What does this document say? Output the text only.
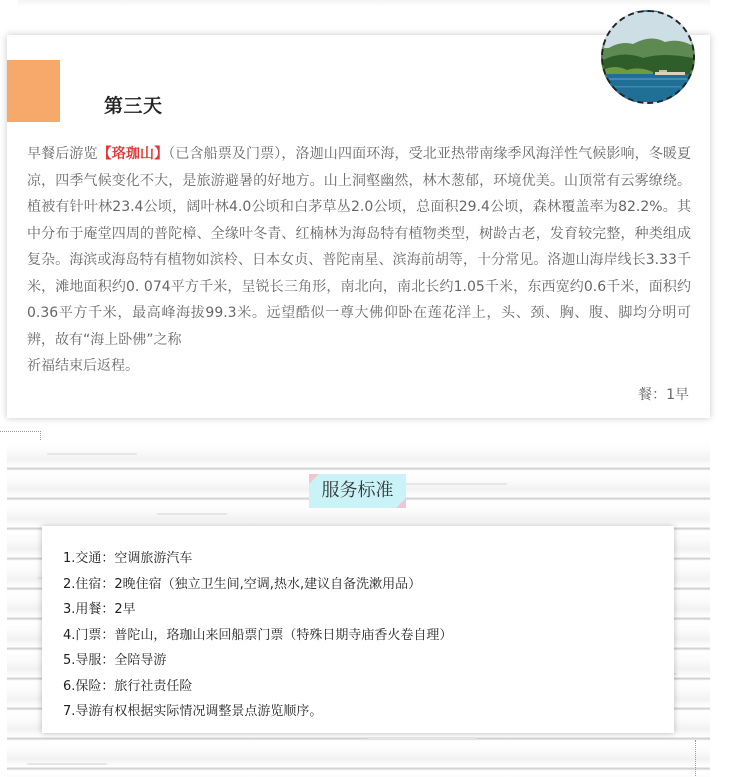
第三天

早餐后游览【珞珈山】（已含船票及门票），洛迦山四面环海，受北亚热带南缘季风海洋性气候影响，冬暖夏凉，四季气候变化不大，是旅游避暑的好地方。山上洞壑幽然，林木葱郁，环境优美。山顶常有云雾缭绕。植被有针叶林23.4公顷，阔叶林4.0公顷和白茅草丛2.0公顷，总面积29.4公顷，森林覆盖率为82.2%。其中分布于庵堂四周的普陀樟、全缘叶冬青、红楠林为海岛特有植物类型，树龄古老，发育较完整，种类组成复杂。海滨或海岛特有植物如滨柃、日本女贞、普陀南星、滨海前胡等，十分常见。洛迦山海岸线长3.33千米，滩地面积约0. 074平方千米，呈锐长三角形，南北向，南北长约1.05千米，东西宽约0.6千米，面积约0.36平方千米，最高峰海拔99.3米。远望酷似一尊大佛仰卧在莲花洋上，头、颈、胸、腹、脚均分明可辨，故有“海上卧佛”之称
祈福结束后返程。

餐：1早
服务标准
1.交通：空调旅游汽车
2.住宿：2晚住宿（独立卫生间,空调,热水,建议自备洗漱用品）
3.用餐：2早
4.门票：普陀山，珞珈山来回船票门票（特殊日期寺庙香火卷自理）
5.导服：全陪导游
6.保险：旅行社责任险
7.导游有权根据实际情况调整景点游览顺序。
